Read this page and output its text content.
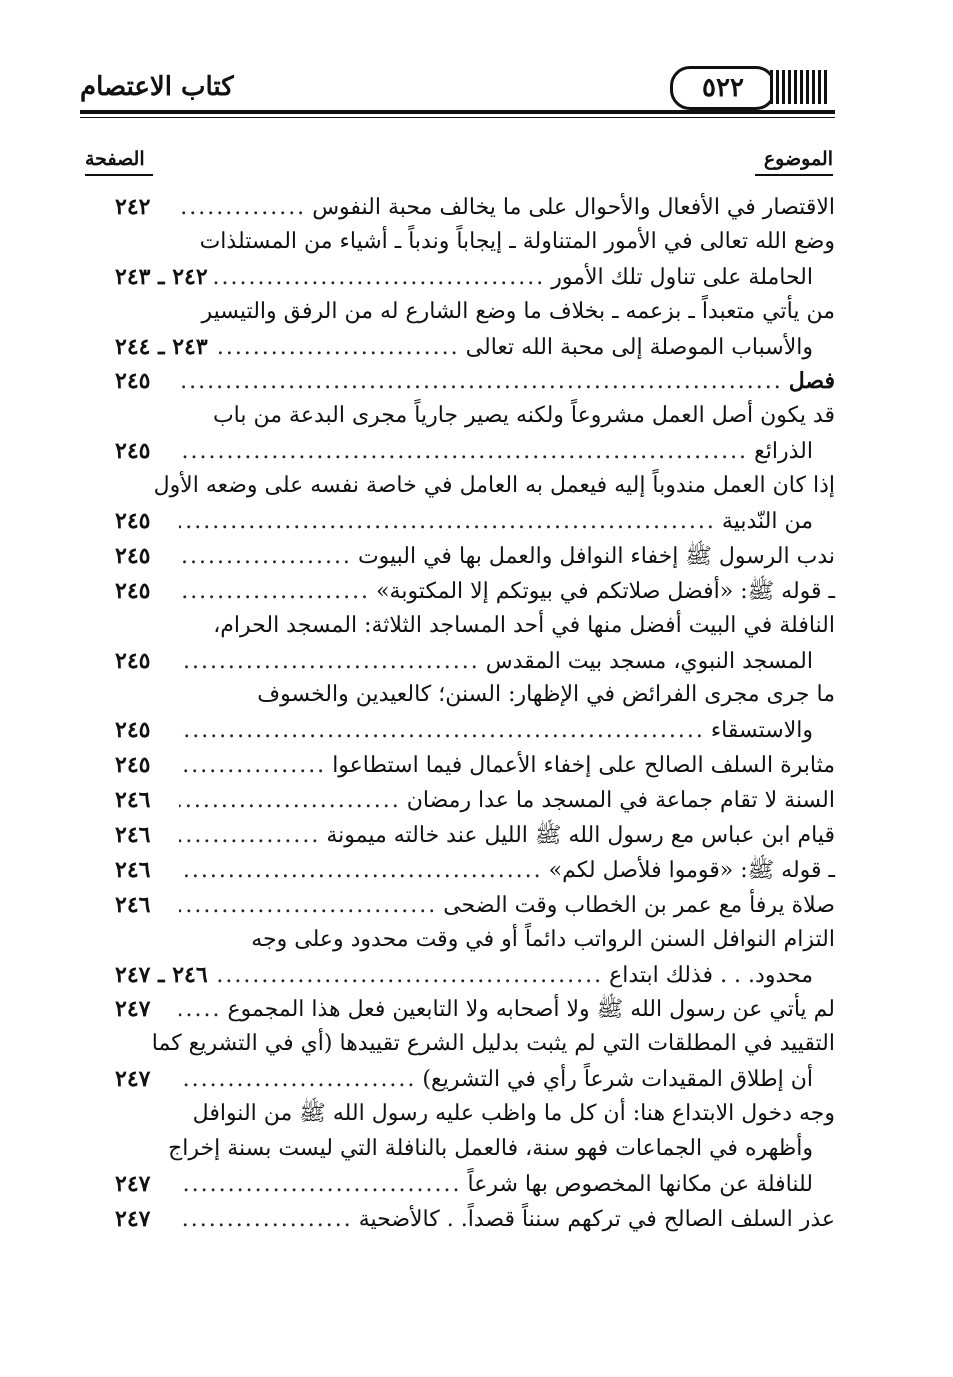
كتاب الاعتصام	٥٢٢
الموضوع
الصفحة
الاقتصار في الأفعال والأحوال على ما يخالف محبة النفوس
.....
٢٤٢
وضع الله تعالى في الأمور المتناولة ـ إيجاباً وندباً ـ أشياء من المستلذات
الحاملة على تناول تلك الأمور
.....
٢٤٢ ـ ٢٤٣
من يأتي متعبداً ـ بزعمه ـ بخلاف ما وضع الشارع له من الرفق والتيسير
والأسباب الموصلة إلى محبة الله تعالى
.....
٢٤٣ ـ ٢٤٤
فصل
.....
٢٤٥
قد يكون أصل العمل مشروعاً ولكنه يصير جارياً مجرى البدعة من باب
الذرائع
.....
٢٤٥
إذا كان العمل مندوباً إليه فيعمل به العامل في خاصة نفسه على وضعه الأول
من النّدبية
.....
٢٤٥
ندب الرسول ﷺ إخفاء النوافل والعمل بها في البيوت
.....
٢٤٥
ـ قوله ﷺ: «أفضل صلاتكم في بيوتكم إلا المكتوبة»
.....
٢٤٥
النافلة في البيت أفضل منها في أحد المساجد الثلاثة: المسجد الحرام،
المسجد النبوي، مسجد بيت المقدس
.....
٢٤٥
ما جرى مجرى الفرائض في الإظهار: السنن؛ كالعيدين والخسوف
والاستسقاء
.....
٢٤٥
مثابرة السلف الصالح على إخفاء الأعمال فيما استطاعوا
.....
٢٤٥
السنة لا تقام جماعة في المسجد ما عدا رمضان
.....
٢٤٦
قيام ابن عباس مع رسول الله ﷺ الليل عند خالته ميمونة
.....
٢٤٦
ـ قوله ﷺ: «قوموا فلأصل لكم»
.....
٢٤٦
صلاة يرفأ مع عمر بن الخطاب وقت الضحى
.....
٢٤٦
التزام النوافل السنن الرواتب دائماً أو في وقت محدود وعلى وجه
محدود. . . فذلك ابتداع
.....
٢٤٦ ـ ٢٤٧
لم يأتي عن رسول الله ﷺ ولا أصحابه ولا التابعين فعل هذا المجموع
.....
٢٤٧
التقييد في المطلقات التي لم يثبت بدليل الشرع تقييدها (أي في التشريع كما
أن إطلاق المقيدات شرعاً رأي في التشريع)
.....
٢٤٧
وجه دخول الابتداع هنا: أن كل ما واظب عليه رسول الله ﷺ من النوافل
وأظهره في الجماعات فهو سنة، فالعمل بالنافلة التي ليست بسنة إخراج
للنافلة عن مكانها المخصوص بها شرعاً
.....
٢٤٧
عذر السلف الصالح في تركهم سنناً قصداً. . كالأضحية
.....
٢٤٧
